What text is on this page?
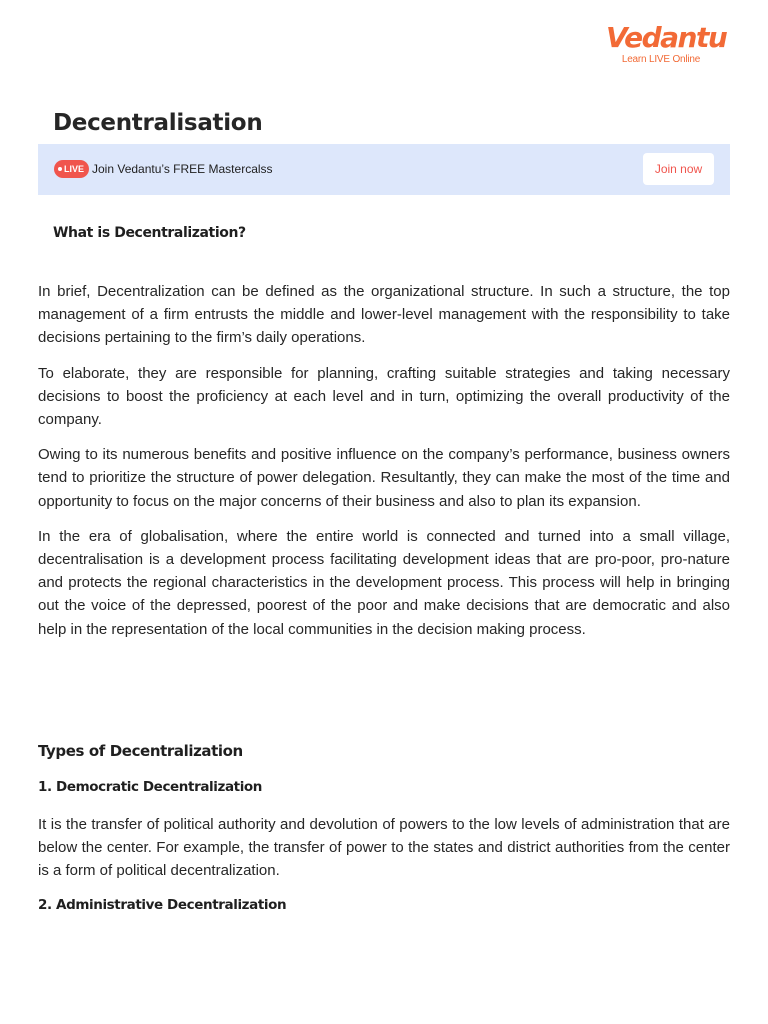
Vedantu
Learn LIVE Online
Decentralisation
LIVE Join Vedantu’s FREE Mastercalss	Join now
What is Decentralization?

In brief, Decentralization can be defined as the organizational structure. In such a structure, the top management of a firm entrusts the middle and lower-level management with the responsibility to take decisions pertaining to the firm’s daily operations.

To elaborate, they are responsible for planning, crafting suitable strategies and taking necessary decisions to boost the proficiency at each level and in turn, optimizing the overall productivity of the company.

Owing to its numerous benefits and positive influence on the company’s performance, business owners tend to prioritize the structure of power delegation. Resultantly, they can make the most of the time and opportunity to focus on the major concerns of their business and also to plan its expansion.

In the era of globalisation, where the entire world is connected and turned into a small village, decentralisation is a development process facilitating development ideas that are pro-poor, pro-nature and protects the regional characteristics in the development process. This process will help in bringing out the voice of the depressed, poorest of the poor and make decisions that are democratic and also help in the representation of the local communities in the decision making process.

Types of Decentralization
1. Democratic Decentralization

It is the transfer of political authority and devolution of powers to the low levels of administration that are below the center. For example, the transfer of power to the states and district authorities from the center is a form of political decentralization.

2. Administrative Decentralization
